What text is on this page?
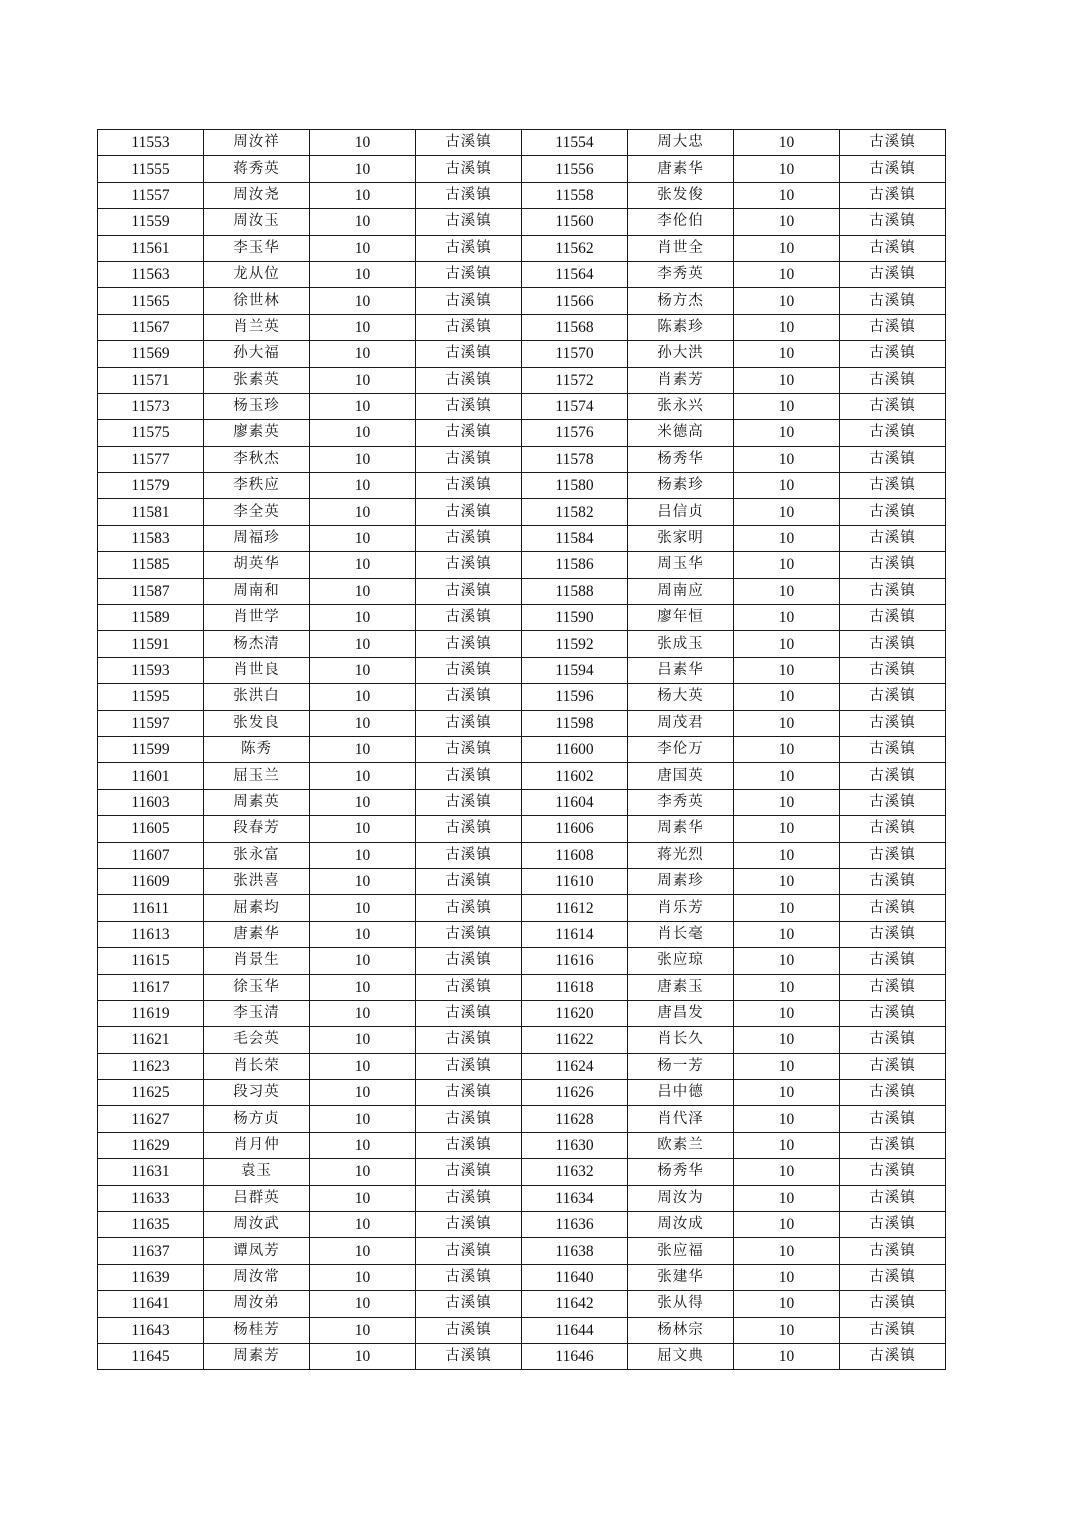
11553	周汝祥	10	古溪镇	11554	周大忠	10	古溪镇
11555	蒋秀英	10	古溪镇	11556	唐素华	10	古溪镇
11557	周汝尧	10	古溪镇	11558	张发俊	10	古溪镇
11559	周汝玉	10	古溪镇	11560	李伦伯	10	古溪镇
11561	李玉华	10	古溪镇	11562	肖世全	10	古溪镇
11563	龙从位	10	古溪镇	11564	李秀英	10	古溪镇
11565	徐世林	10	古溪镇	11566	杨方杰	10	古溪镇
11567	肖兰英	10	古溪镇	11568	陈素珍	10	古溪镇
11569	孙大福	10	古溪镇	11570	孙大洪	10	古溪镇
11571	张素英	10	古溪镇	11572	肖素芳	10	古溪镇
11573	杨玉珍	10	古溪镇	11574	张永兴	10	古溪镇
11575	廖素英	10	古溪镇	11576	米德高	10	古溪镇
11577	李秋杰	10	古溪镇	11578	杨秀华	10	古溪镇
11579	李秩应	10	古溪镇	11580	杨素珍	10	古溪镇
11581	李全英	10	古溪镇	11582	吕信贞	10	古溪镇
11583	周福珍	10	古溪镇	11584	张家明	10	古溪镇
11585	胡英华	10	古溪镇	11586	周玉华	10	古溪镇
11587	周南和	10	古溪镇	11588	周南应	10	古溪镇
11589	肖世学	10	古溪镇	11590	廖年恒	10	古溪镇
11591	杨杰清	10	古溪镇	11592	张成玉	10	古溪镇
11593	肖世良	10	古溪镇	11594	吕素华	10	古溪镇
11595	张洪白	10	古溪镇	11596	杨大英	10	古溪镇
11597	张发良	10	古溪镇	11598	周茂君	10	古溪镇
11599	陈秀	10	古溪镇	11600	李伦万	10	古溪镇
11601	屈玉兰	10	古溪镇	11602	唐国英	10	古溪镇
11603	周素英	10	古溪镇	11604	李秀英	10	古溪镇
11605	段春芳	10	古溪镇	11606	周素华	10	古溪镇
11607	张永富	10	古溪镇	11608	蒋光烈	10	古溪镇
11609	张洪喜	10	古溪镇	11610	周素珍	10	古溪镇
11611	屈素均	10	古溪镇	11612	肖乐芳	10	古溪镇
11613	唐素华	10	古溪镇	11614	肖长毫	10	古溪镇
11615	肖景生	10	古溪镇	11616	张应琼	10	古溪镇
11617	徐玉华	10	古溪镇	11618	唐素玉	10	古溪镇
11619	李玉清	10	古溪镇	11620	唐昌发	10	古溪镇
11621	毛会英	10	古溪镇	11622	肖长久	10	古溪镇
11623	肖长荣	10	古溪镇	11624	杨一芳	10	古溪镇
11625	段习英	10	古溪镇	11626	吕中德	10	古溪镇
11627	杨方贞	10	古溪镇	11628	肖代泽	10	古溪镇
11629	肖月仲	10	古溪镇	11630	欧素兰	10	古溪镇
11631	袁玉	10	古溪镇	11632	杨秀华	10	古溪镇
11633	吕群英	10	古溪镇	11634	周汝为	10	古溪镇
11635	周汝武	10	古溪镇	11636	周汝成	10	古溪镇
11637	谭凤芳	10	古溪镇	11638	张应福	10	古溪镇
11639	周汝常	10	古溪镇	11640	张建华	10	古溪镇
11641	周汝弟	10	古溪镇	11642	张从得	10	古溪镇
11643	杨桂芳	10	古溪镇	11644	杨林宗	10	古溪镇
11645	周素芳	10	古溪镇	11646	屈文典	10	古溪镇
